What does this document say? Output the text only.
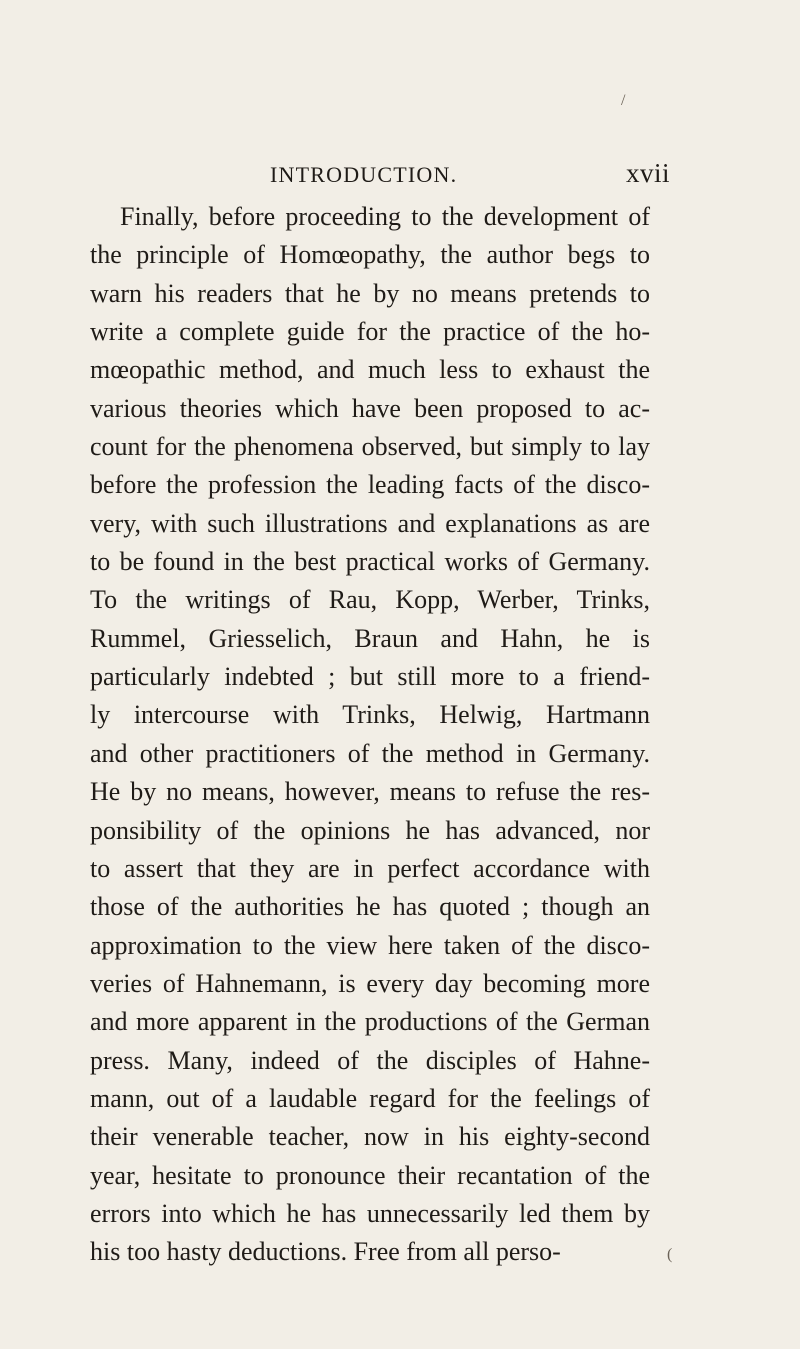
INTRODUCTION.	xvii
Finally, before proceeding to the development of
the principle of Homœopathy, the author begs to
warn his readers that he by no means pretends to
write a complete guide for the practice of the ho-
mœopathic method, and much less to exhaust the
various theories which have been proposed to ac-
count for the phenomena observed, but simply to lay
before the profession the leading facts of the disco-
very, with such illustrations and explanations as are
to be found in the best practical works of Germany.
To the writings of Rau, Kopp, Werber, Trinks,
Rummel, Griesselich, Braun and Hahn, he is
particularly indebted ; but still more to a friend-
ly intercourse with Trinks, Helwig, Hartmann
and other practitioners of the method in Germany.
He by no means, however, means to refuse the res-
ponsibility of the opinions he has advanced, nor
to assert that they are in perfect accordance with
those of the authorities he has quoted ; though an
approximation to the view here taken of the disco-
veries of Hahnemann, is every day becoming more
and more apparent in the productions of the German
press. Many, indeed of the disciples of Hahne-
mann, out of a laudable regard for the feelings of
their venerable teacher, now in his eighty-second
year, hesitate to pronounce their recantation of the
errors into which he has unnecessarily led them by
his too hasty deductions. Free from all perso-
/
(
